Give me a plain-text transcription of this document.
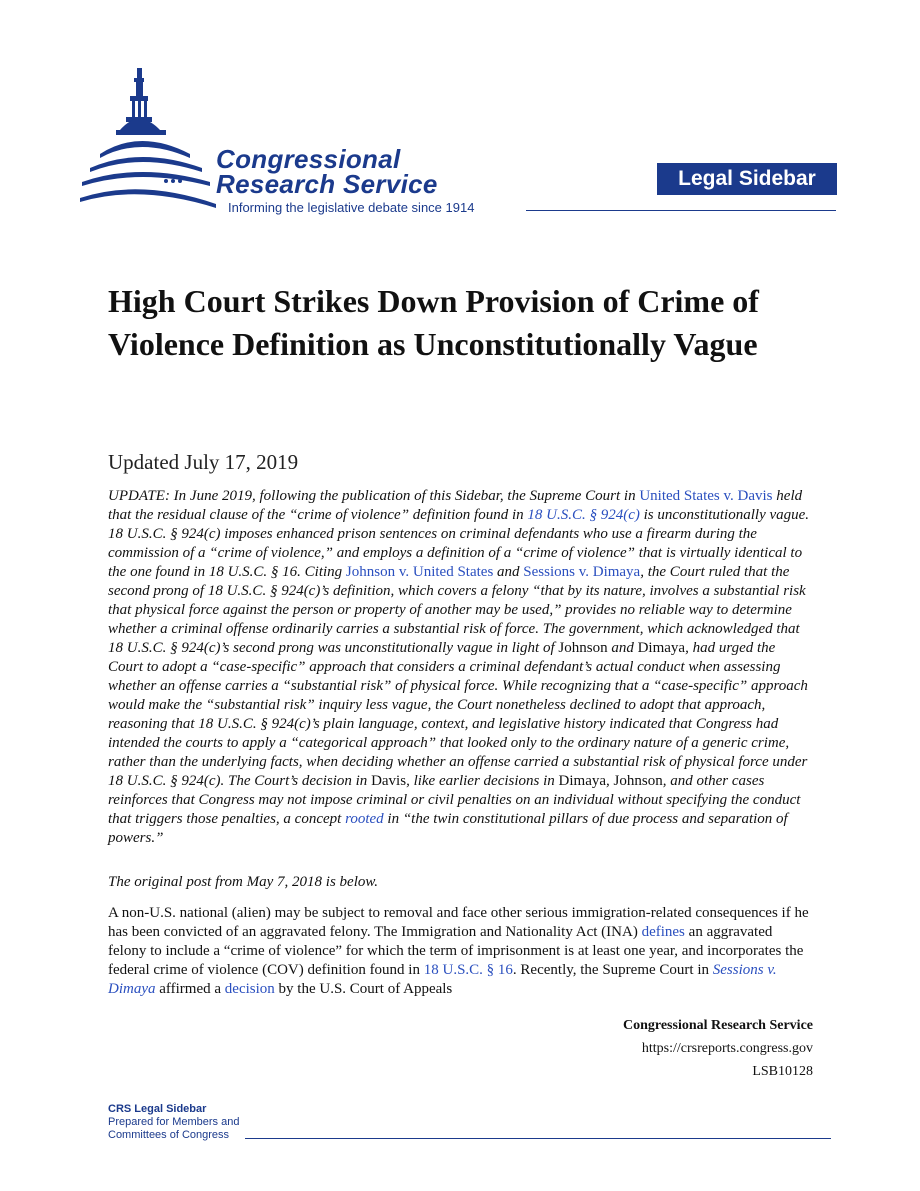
Congressional
Research Service
Informing the legislative debate since 1914
Legal Sidebar
High Court Strikes Down Provision of Crime of Violence Definition as Unconstitutionally Vague
Updated July 17, 2019

UPDATE: In June 2019, following the publication of this Sidebar, the Supreme Court in United States v. Davis held that the residual clause of the “crime of violence” definition found in 18 U.S.C. § 924(c) is unconstitutionally vague. 18 U.S.C. § 924(c) imposes enhanced prison sentences on criminal defendants who use a firearm during the commission of a “crime of violence,” and employs a definition of a “crime of violence” that is virtually identical to the one found in 18 U.S.C. § 16. Citing Johnson v. United States and Sessions v. Dimaya, the Court ruled that the second prong of 18 U.S.C. § 924(c)’s definition, which covers a felony “that by its nature, involves a substantial risk that physical force against the person or property of another may be used,” provides no reliable way to determine whether a criminal offense ordinarily carries a substantial risk of force. The government, which acknowledged that 18 U.S.C. § 924(c)’s second prong was unconstitutionally vague in light of Johnson and Dimaya, had urged the Court to adopt a “case-specific” approach that considers a criminal defendant’s actual conduct when assessing whether an offense carries a “substantial risk” of physical force. While recognizing that a “case-specific” approach would make the “substantial risk” inquiry less vague, the Court nonetheless declined to adopt that approach, reasoning that 18 U.S.C. § 924(c)’s plain language, context, and legislative history indicated that Congress had intended the courts to apply a “categorical approach” that looked only to the ordinary nature of a generic crime, rather than the underlying facts, when deciding whether an offense carried a substantial risk of physical force under 18 U.S.C. § 924(c). The Court’s decision in Davis, like earlier decisions in Dimaya, Johnson, and other cases reinforces that Congress may not impose criminal or civil penalties on an individual without specifying the conduct that triggers those penalties, a concept rooted in “the twin constitutional pillars of due process and separation of powers.”

The original post from May 7, 2018 is below.

A non-U.S. national (alien) may be subject to removal and face other serious immigration-related consequences if he has been convicted of an aggravated felony. The Immigration and Nationality Act (INA) defines an aggravated felony to include a “crime of violence” for which the term of imprisonment is at least one year, and incorporates the federal crime of violence (COV) definition found in 18 U.S.C. § 16. Recently, the Supreme Court in Sessions v. Dimaya affirmed a decision by the U.S. Court of Appeals

Congressional Research Service
https://crsreports.congress.gov
LSB10128
CRS Legal Sidebar
Prepared for Members and
Committees of Congress
